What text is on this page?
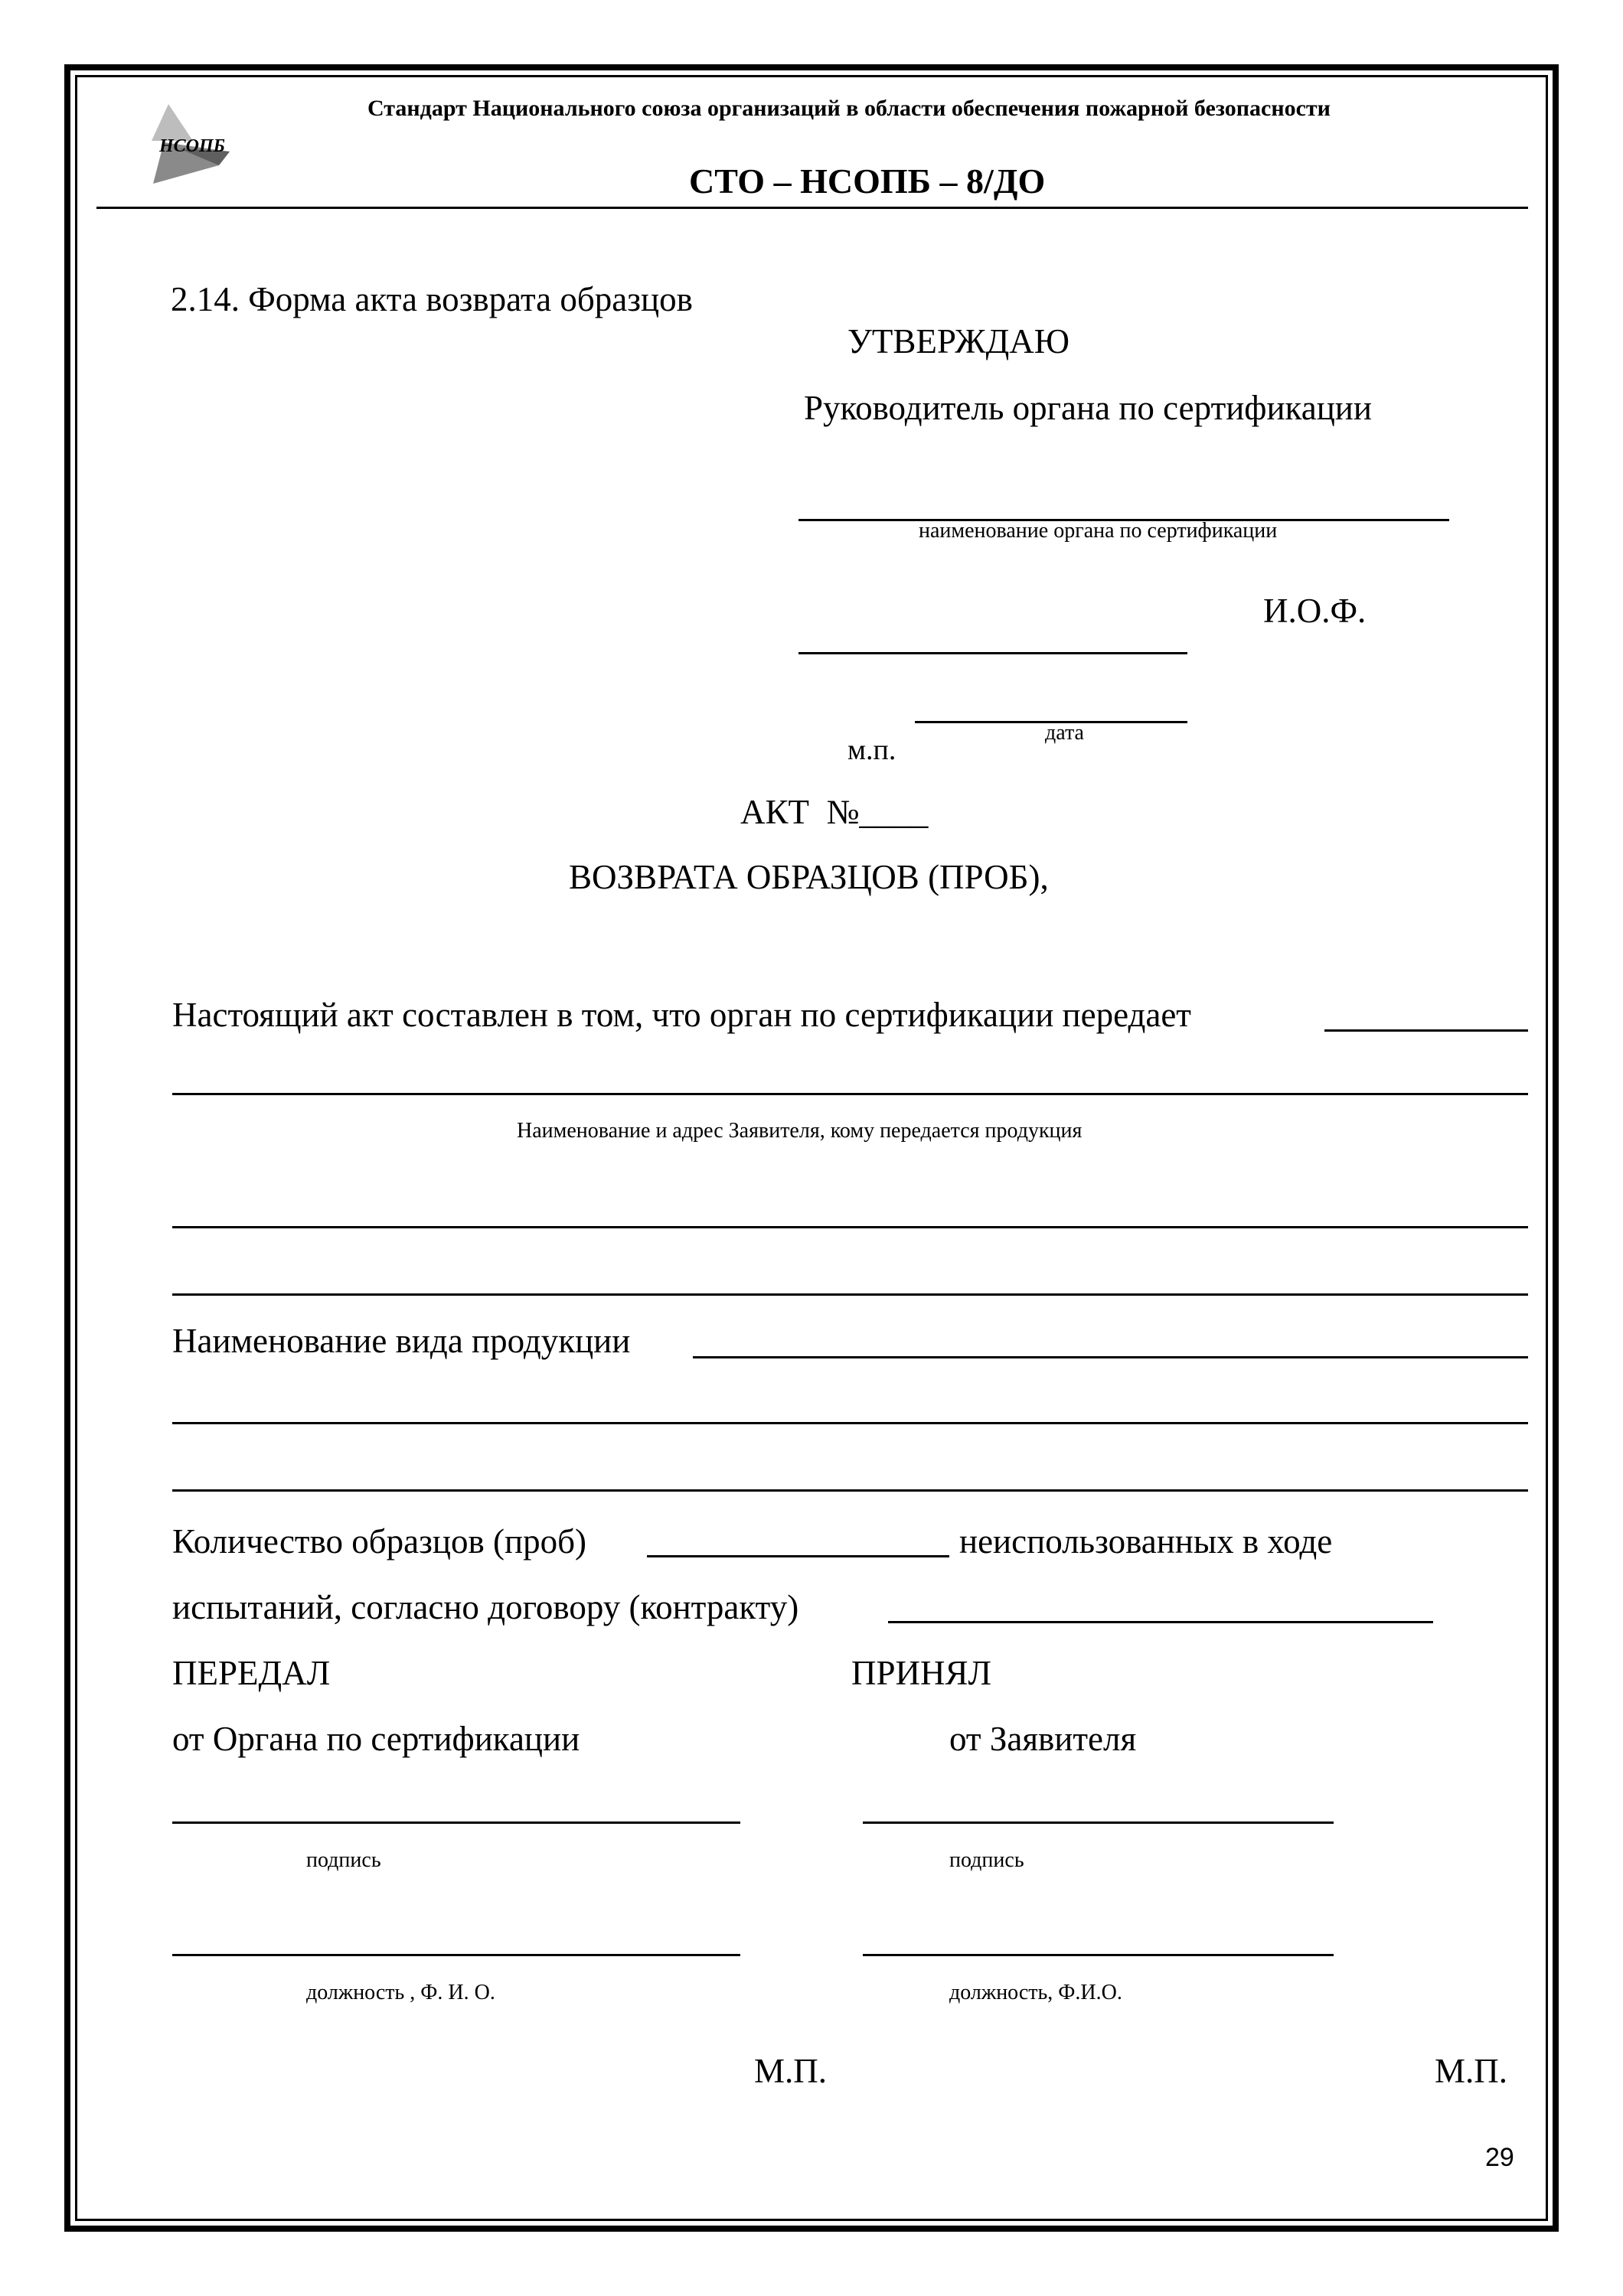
НСОПБ
Стандарт Национального союза организаций в области обеспечения пожарной безопасности
СТО – НСОПБ – 8/ДО
2.14. Форма акта возврата образцов
УТВЕРЖДАЮ
Руководитель органа по сертификации
наименование органа по сертификации
И.О.Ф.
дата
м.п.
АКТ  №____
ВОЗВРАТА ОБРАЗЦОВ (ПРОБ),
Настоящий акт составлен в том, что орган по сертификации передает
Наименование и адрес Заявителя, кому передается продукция
Наименование вида продукции
Количество образцов (проб)	неиспользованных в ходе
испытаний, согласно договору (контракту)
ПЕРЕДАЛ	ПРИНЯЛ
от Органа по сертификации	от Заявителя
подпись	подпись
должность , Ф. И. О.	должность, Ф.И.О.
М.П.	М.П.
29
